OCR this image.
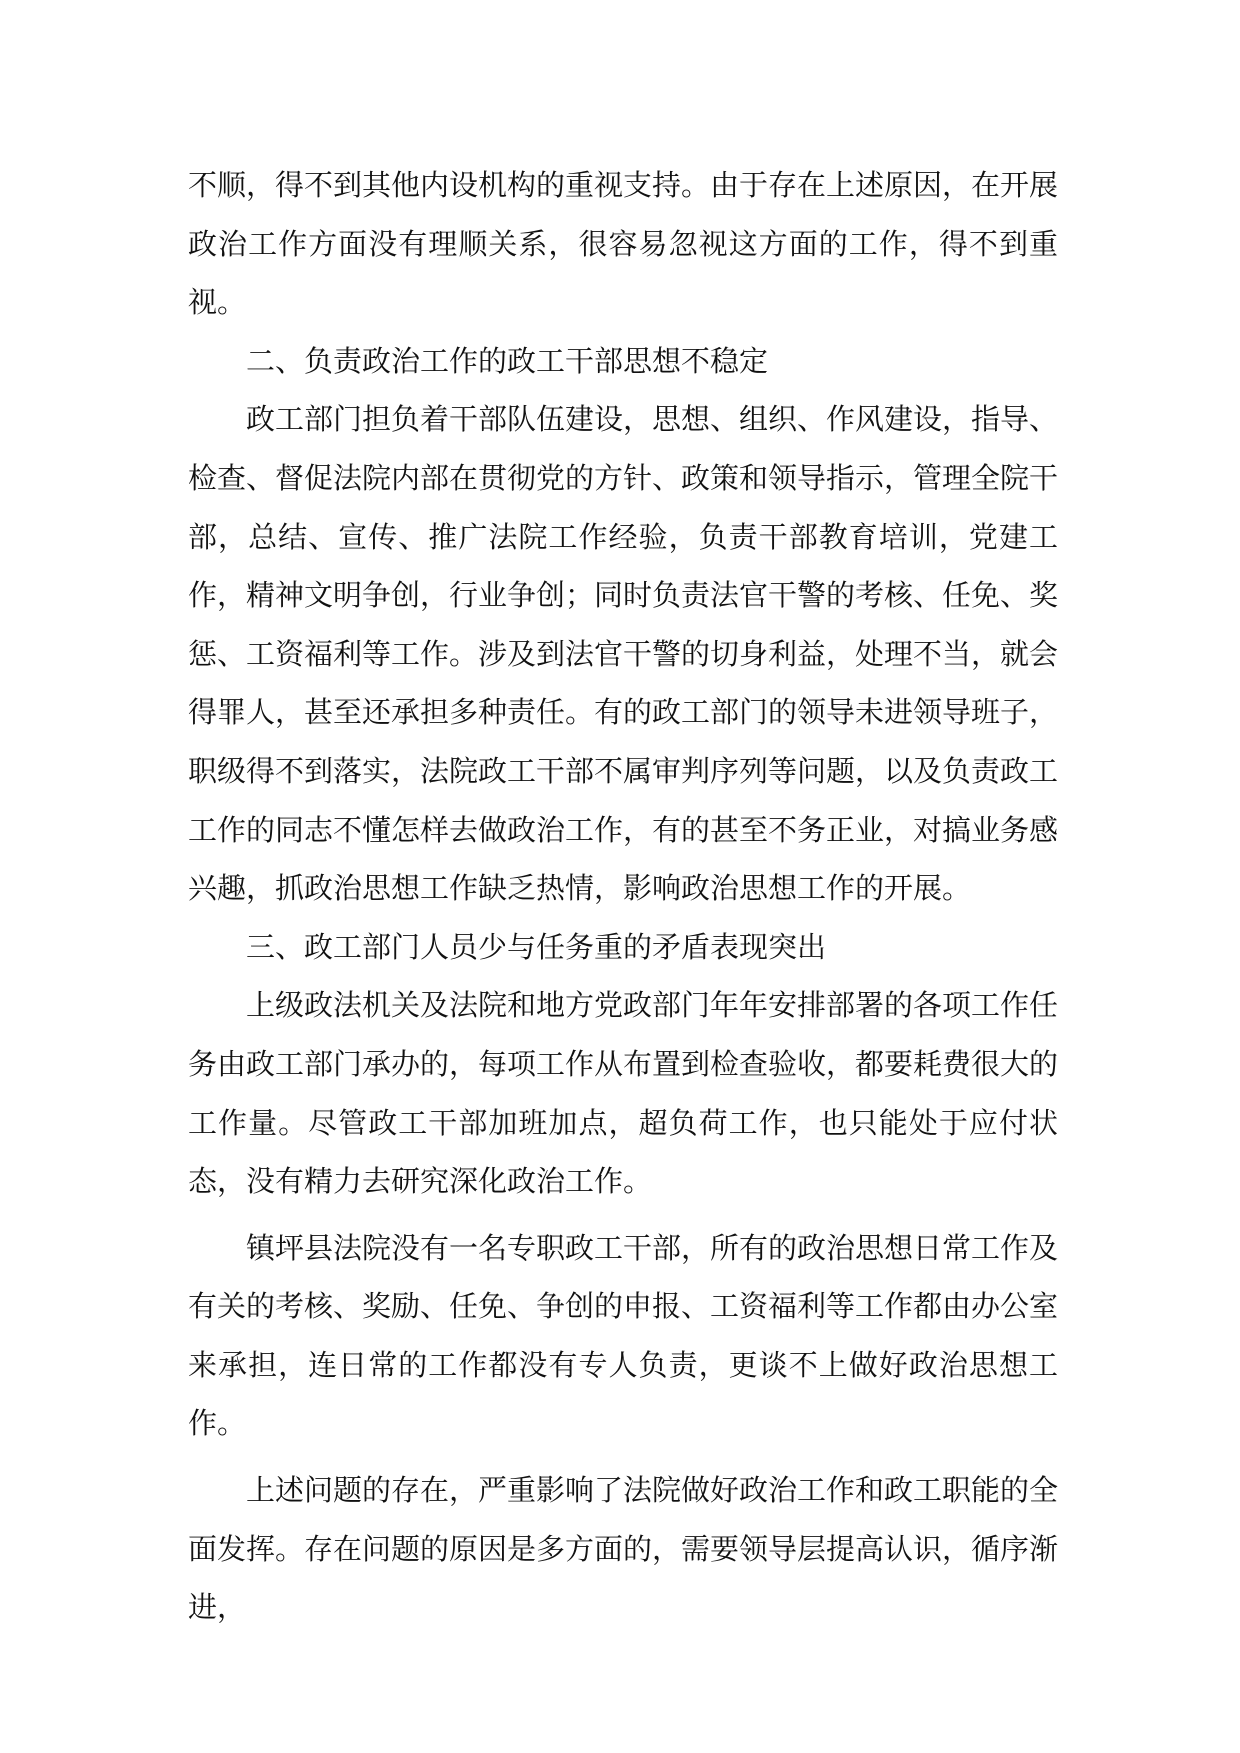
不顺，得不到其他内设机构的重视支持。由于存在上述原因，在开展政治工作方面没有理顺关系，很容易忽视这方面的工作，得不到重视。

二、负责政治工作的政工干部思想不稳定

政工部门担负着干部队伍建设，思想、组织、作风建设，指导、检查、督促法院内部在贯彻党的方针、政策和领导指示，管理全院干部，总结、宣传、推广法院工作经验，负责干部教育培训，党建工作，精神文明争创，行业争创；同时负责法官干警的考核、任免、奖惩、工资福利等工作。涉及到法官干警的切身利益，处理不当，就会得罪人，甚至还承担多种责任。有的政工部门的领导未进领导班子，职级得不到落实，法院政工干部不属审判序列等问题，以及负责政工工作的同志不懂怎样去做政治工作，有的甚至不务正业，对搞业务感兴趣，抓政治思想工作缺乏热情，影响政治思想工作的开展。

三、政工部门人员少与任务重的矛盾表现突出

上级政法机关及法院和地方党政部门年年安排部署的各项工作任务由政工部门承办的，每项工作从布置到检查验收，都要耗费很大的工作量。尽管政工干部加班加点，超负荷工作，也只能处于应付状态，没有精力去研究深化政治工作。

镇坪县法院没有一名专职政工干部，所有的政治思想日常工作及有关的考核、奖励、任免、争创的申报、工资福利等工作都由办公室来承担，连日常的工作都没有专人负责，更谈不上做好政治思想工作。

上述问题的存在，严重影响了法院做好政治工作和政工职能的全面发挥。存在问题的原因是多方面的，需要领导层提高认识，循序渐进，
